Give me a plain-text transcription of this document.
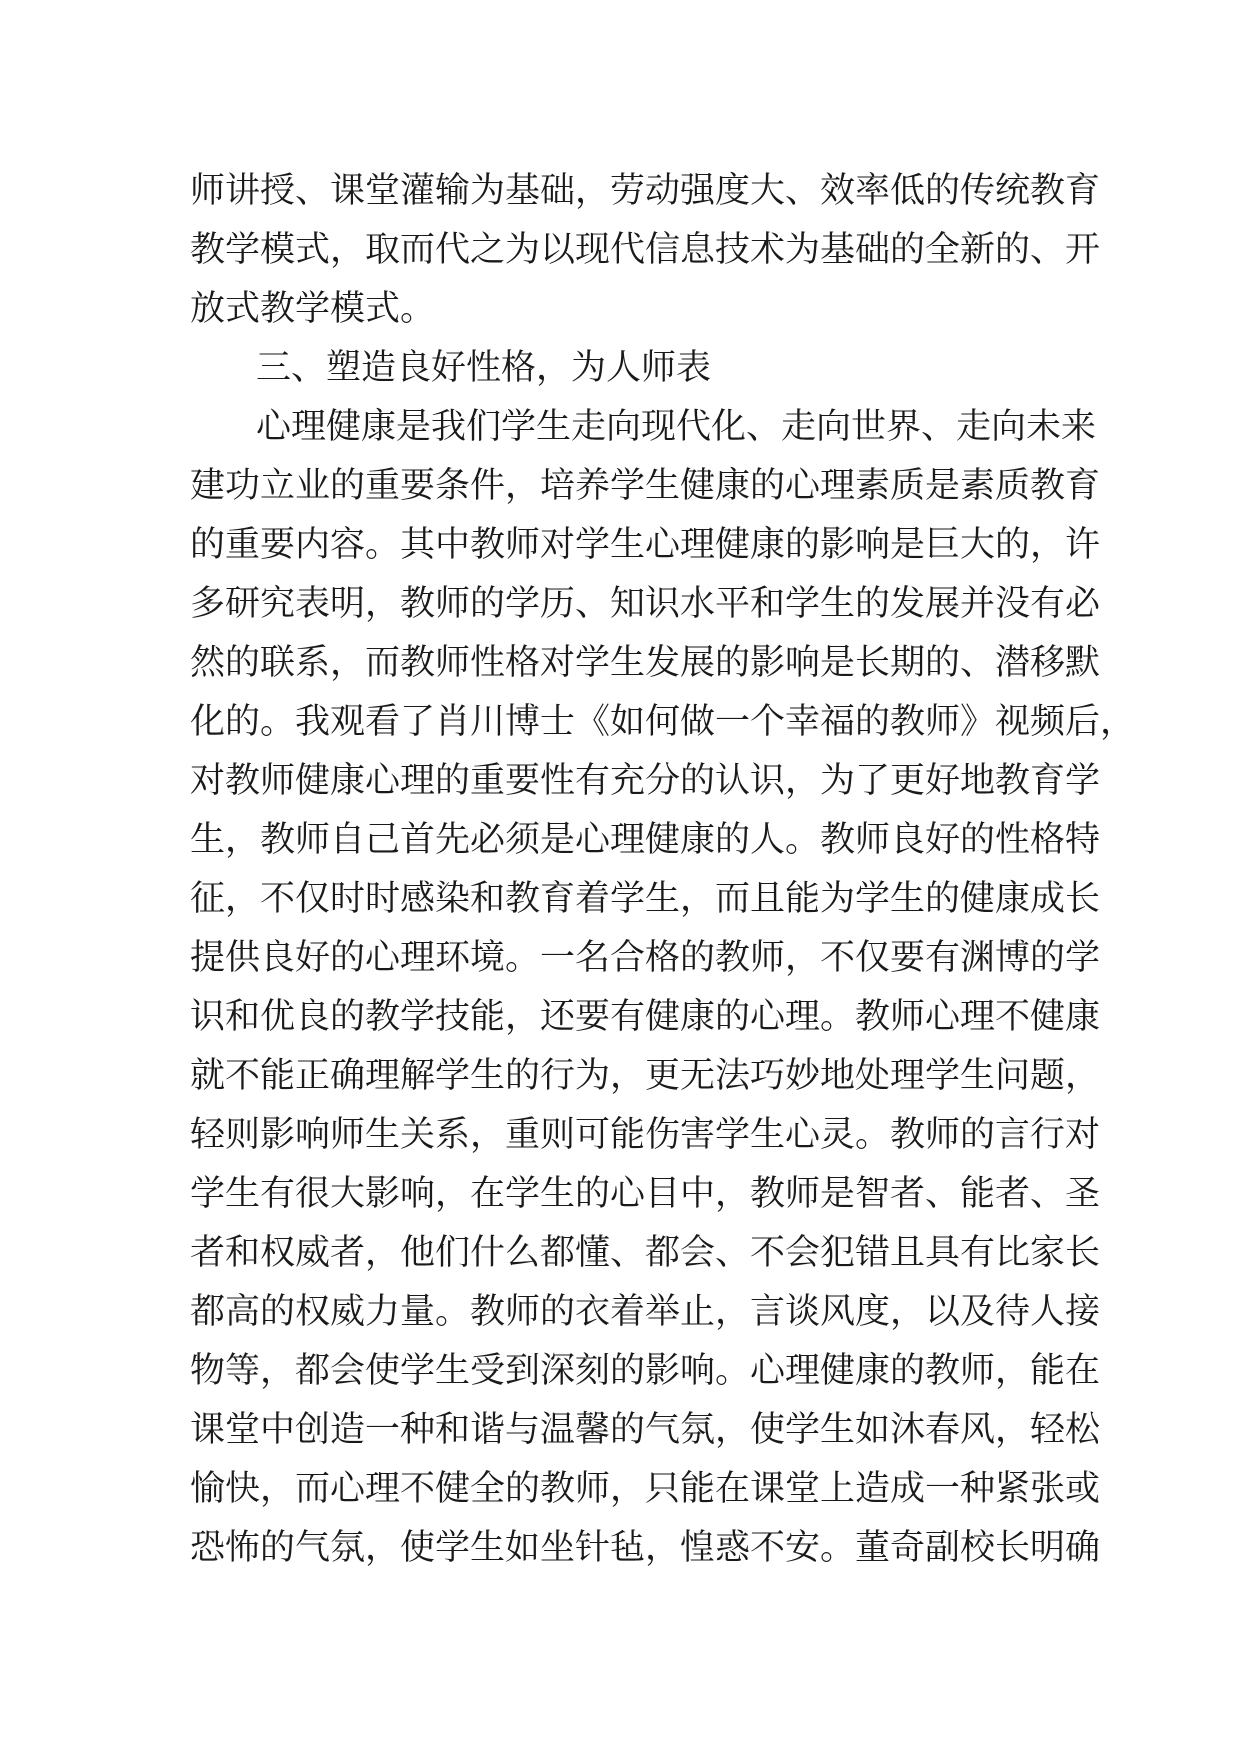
师讲授、课堂灌输为基础，劳动强度大、效率低的传统教育
教学模式，取而代之为以现代信息技术为基础的全新的、开
放式教学模式。
三、塑造良好性格，为人师表
心理健康是我们学生走向现代化、走向世界、走向未来
建功立业的重要条件，培养学生健康的心理素质是素质教育
的重要内容。其中教师对学生心理健康的影响是巨大的，许
多研究表明，教师的学历、知识水平和学生的发展并没有必
然的联系，而教师性格对学生发展的影响是长期的、潜移默
化的。我观看了肖川博士《如何做一个幸福的教师》视频后，
对教师健康心理的重要性有充分的认识，为了更好地教育学
生，教师自己首先必须是心理健康的人。教师良好的性格特
征，不仅时时感染和教育着学生，而且能为学生的健康成长
提供良好的心理环境。一名合格的教师，不仅要有渊博的学
识和优良的教学技能，还要有健康的心理。教师心理不健康
就不能正确理解学生的行为，更无法巧妙地处理学生问题，
轻则影响师生关系，重则可能伤害学生心灵。教师的言行对
学生有很大影响，在学生的心目中，教师是智者、能者、圣
者和权威者，他们什么都懂、都会、不会犯错且具有比家长
都高的权威力量。教师的衣着举止，言谈风度，以及待人接
物等，都会使学生受到深刻的影响。心理健康的教师，能在
课堂中创造一种和谐与温馨的气氛，使学生如沐春风，轻松
愉快，而心理不健全的教师，只能在课堂上造成一种紧张或
恐怖的气氛，使学生如坐针毡，惶惑不安。董奇副校长明确
